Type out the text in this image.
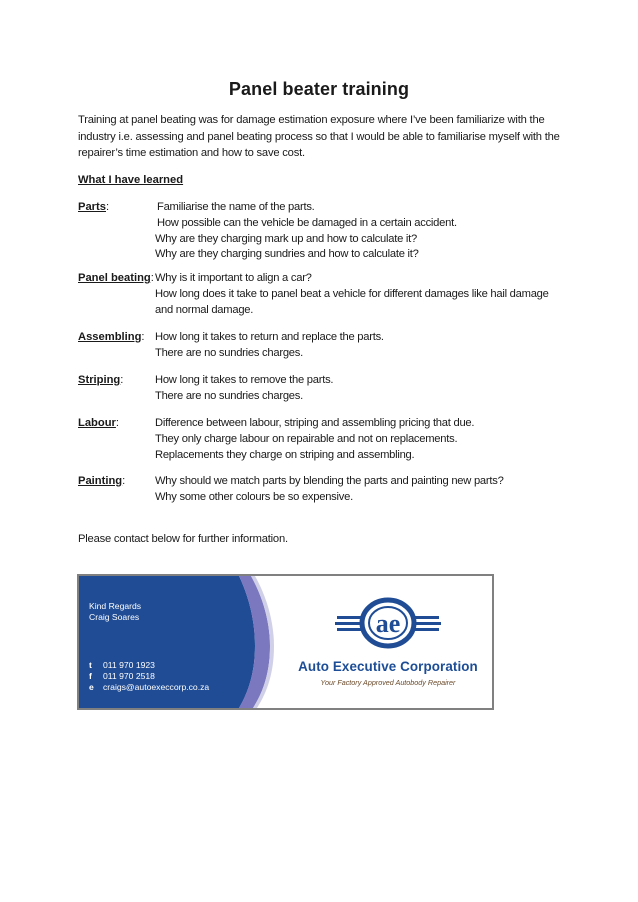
Panel beater training
Training at panel beating was for damage estimation exposure where I’ve been familiarize with the industry i.e. assessing and panel beating process so that I would be able to familiarise myself with the repairer’s time estimation and how to save cost.
What I have learned
Parts:	Familiarise the name of the parts.
How possible can the vehicle be damaged in a certain accident.
Why are they charging mark up and how to calculate it?
Why are they charging sundries and how to calculate it?
Panel beating: Why is it important to align a car?
How long does it take to panel beat a vehicle for different damages like hail damage
and normal damage.
Assembling: How long it takes to return and replace the parts.
There are no sundries charges.
Striping:	How long it takes to remove the parts.
There are no sundries charges.
Labour:	Difference between labour, striping and assembling pricing that due.
They only charge labour on repairable and not on replacements.
Replacements they charge on striping and assembling.
Painting:	Why should we match parts by blending the parts and painting new parts?
Why some other colours be so expensive.
Please contact below for further information.
Kind Regards
Craig Soares
t	011 970 1923
f	011 970 2518
e	craigs@autoexeccorp.co.za
ae
Auto Executive Corporation
Your Factory Approved Autobody Repairer
